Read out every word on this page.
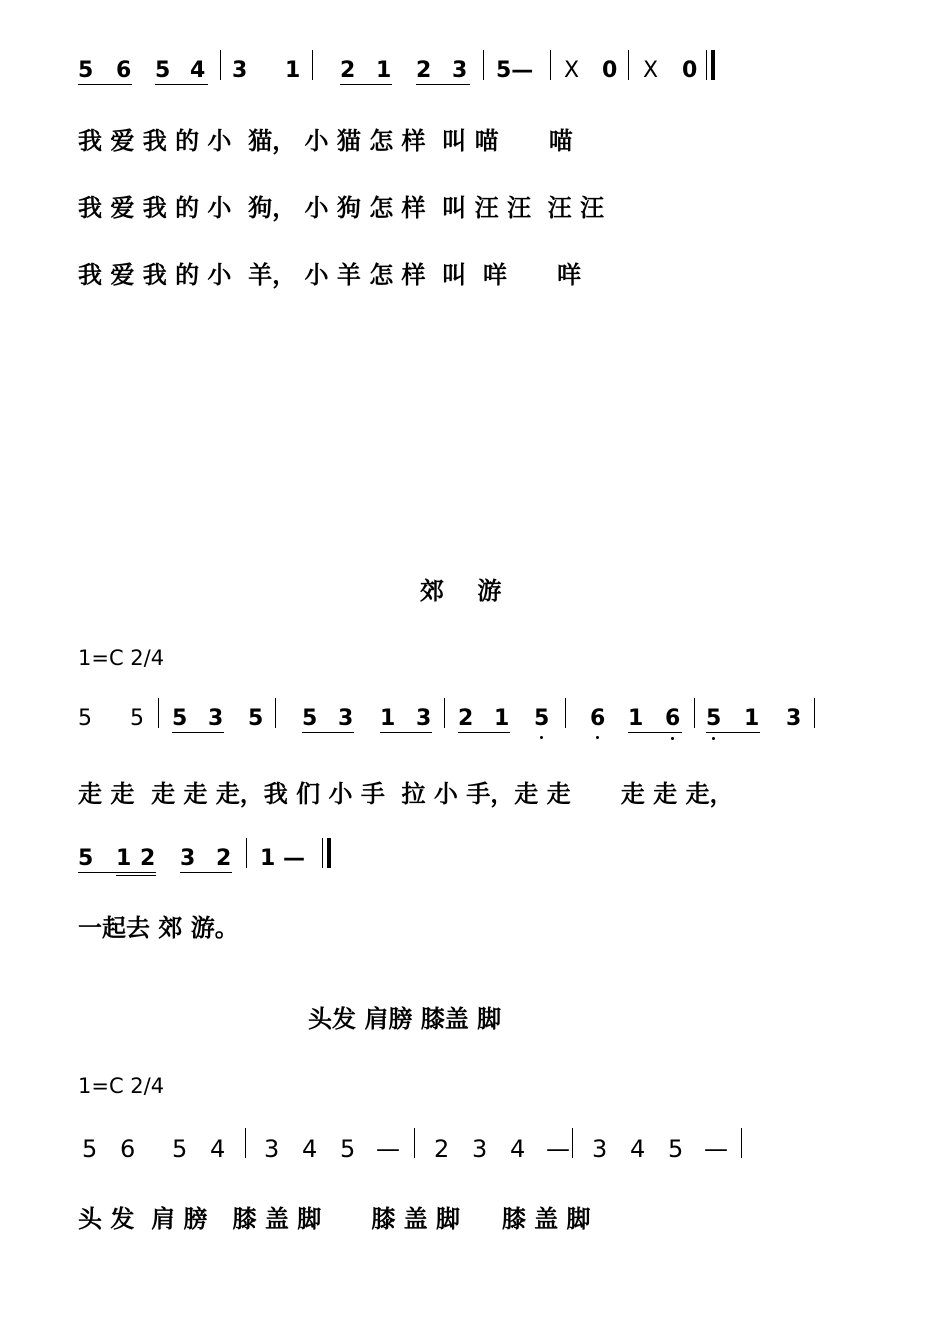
5 6 5 4 3 1 2 1 2 3 5— X 0 X 0
我 爱 我 的 小  猫， 小 猫 怎 样  叫 喵      喵
我 爱 我 的 小  狗， 小 狗 怎 样  叫 汪 汪  汪 汪
我 爱 我 的 小  羊， 小 羊 怎 样  叫  咩      咩
郊    游
1=C 2/4
5 5 5 3 5 5 3 1 3 2 1 5 6 1 6 5 1 3
走 走  走 走 走，我 们 小 手  拉 小 手，走 走      走 走 走，
5 1 2 3 2 1 —
一起去 郊 游。
头发 肩膀 膝盖 脚
1=C 2/4
5 6 5 4 3 4 5 — 2 3 4 — 3 4 5 —
头 发  肩 膀   膝 盖 脚      膝 盖 脚     膝 盖 脚
